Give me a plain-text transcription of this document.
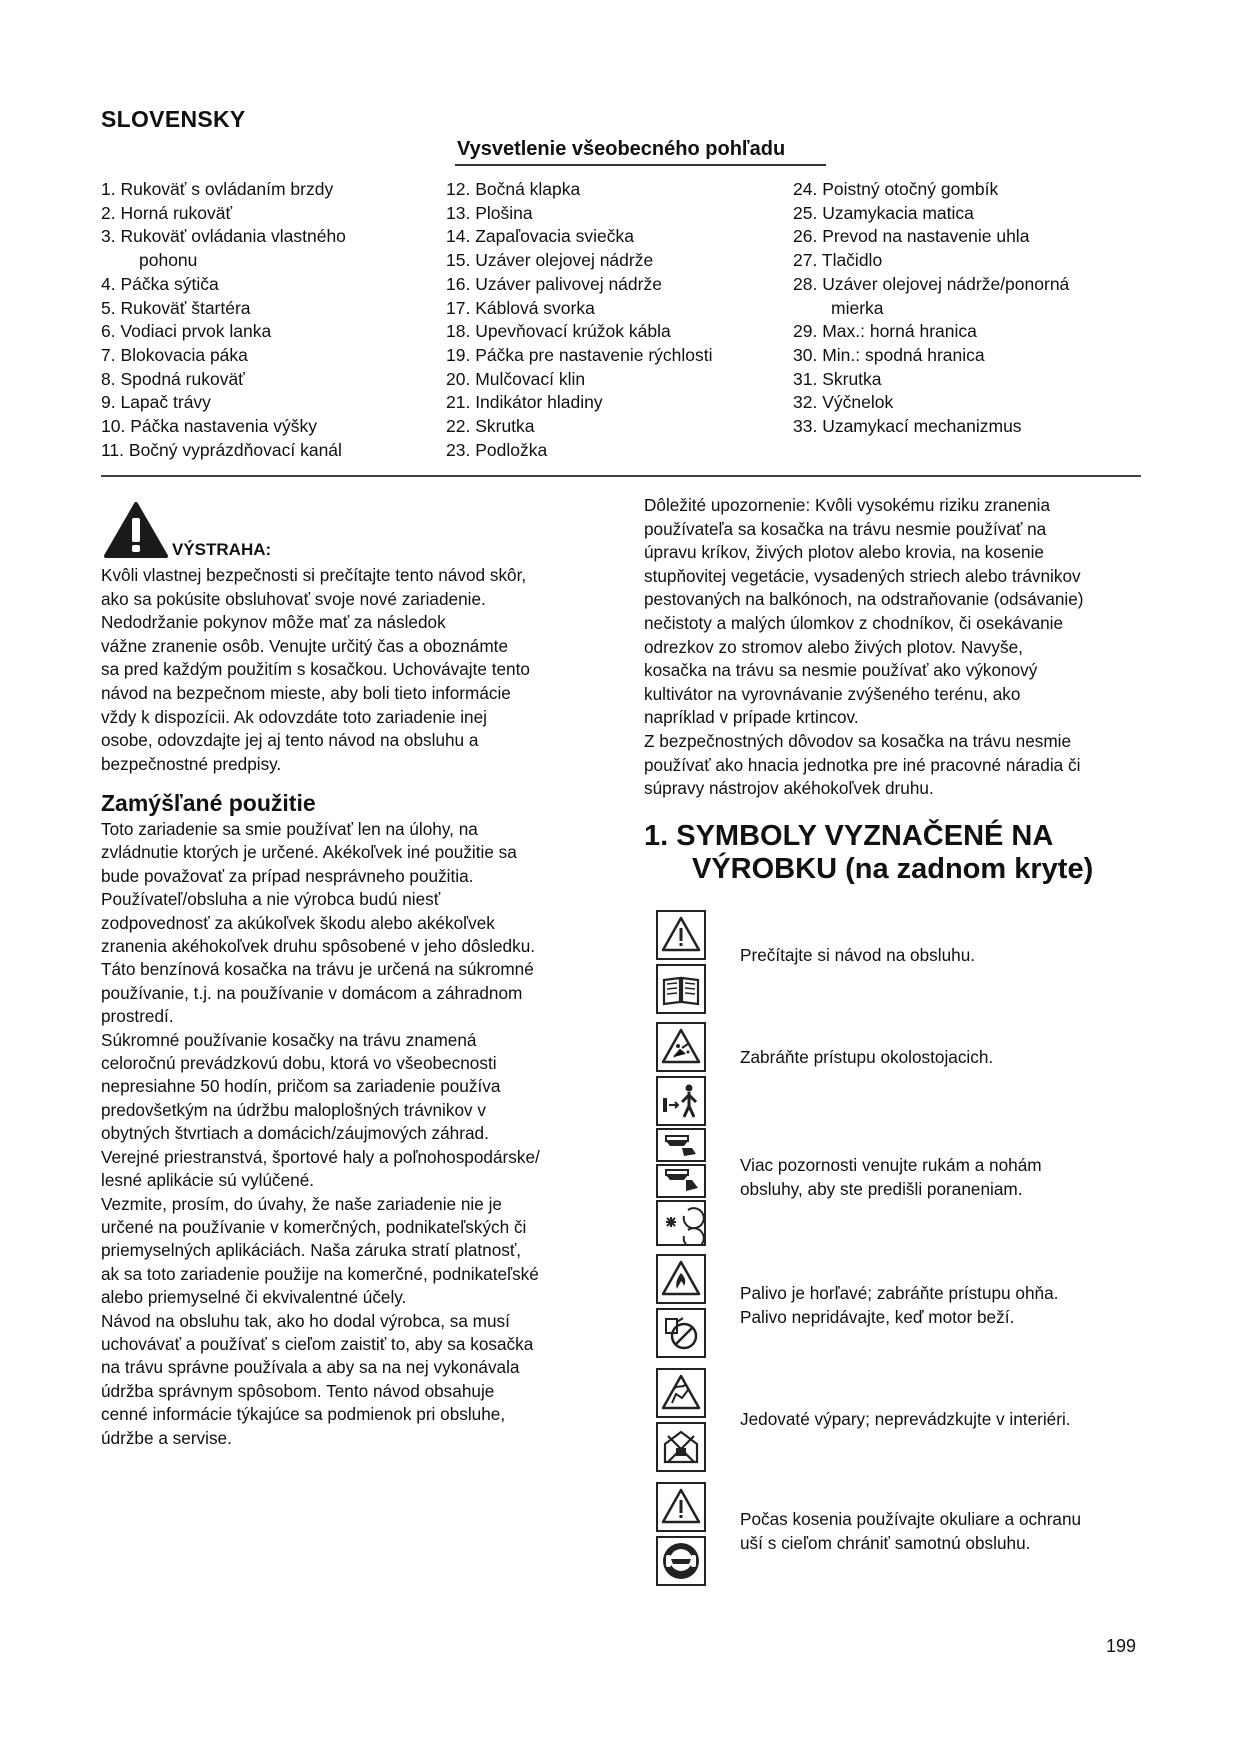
SLOVENSKY
Vysvetlenie všeobecného pohľadu
1. Rukoväť s ovládaním brzdy
2. Horná rukoväť
3. Rukoväť ovládania vlastného
pohonu
4. Páčka sýtiča
5. Rukoväť štartéra
6. Vodiaci prvok lanka
7. Blokovacia páka
8. Spodná rukoväť
9. Lapač trávy
10. Páčka nastavenia výšky
11. Bočný vyprázdňovací kanál
12. Bočná klapka
13. Plošina
14. Zapaľovacia sviečka
15. Uzáver olejovej nádrže
16. Uzáver palivovej nádrže
17. Káblová svorka
18. Upevňovací krúžok kábla
19. Páčka pre nastavenie rýchlosti
20. Mulčovací klin
21. Indikátor hladiny
22. Skrutka
23. Podložka
24. Poistný otočný gombík
25. Uzamykacia matica
26. Prevod na nastavenie uhla
27. Tlačidlo
28. Uzáver olejovej nádrže/ponorná
mierka
29. Max.: horná hranica
30. Min.: spodná hranica
31. Skrutka
32. Výčnelok
33. Uzamykací mechanizmus
VÝSTRAHA:

Kvôli vlastnej bezpečnosti si prečítajte tento návod skôr,

ako sa pokúsite obsluhovať svoje nové zariadenie.

Nedodržanie pokynov môže mať za následok

vážne zranenie osôb. Venujte určitý čas a oboznámte

sa pred každým použitím s kosačkou. Uchovávajte tento

návod na bezpečnom mieste, aby boli tieto informácie

vždy k dispozícii. Ak odovzdáte toto zariadenie inej

osobe, odovzdajte jej aj tento návod na obsluhu a

bezpečnostné predpisy.

Zamýšľané použitie

Toto zariadenie sa smie používať len na úlohy, na

zvládnutie ktorých je určené. Akékoľvek iné použitie sa

bude považovať za prípad nesprávneho použitia.

Používateľ/obsluha a nie výrobca budú niesť

zodpovednosť za akúkoľvek škodu alebo akékoľvek

zranenia akéhokoľvek druhu spôsobené v jeho dôsledku.

Táto benzínová kosačka na trávu je určená na súkromné

používanie, t.j. na používanie v domácom a záhradnom

prostredí.

Súkromné používanie kosačky na trávu znamená

celoročnú prevádzkovú dobu, ktorá vo všeobecnosti

nepresiahne 50 hodín, pričom sa zariadenie používa

predovšetkým na údržbu maloplošných trávnikov v

obytných štvrtiach a domácich/záujmových záhrad.

Verejné priestranstvá, športové haly a poľnohospodárske/

lesné aplikácie sú vylúčené.

Vezmite, prosím, do úvahy, že naše zariadenie nie je

určené na používanie v komerčných, podnikateľských či

priemyselných aplikáciách. Naša záruka stratí platnosť,

ak sa toto zariadenie použije na komerčné, podnikateľské

alebo priemyselné či ekvivalentné účely.

Návod na obsluhu tak, ako ho dodal výrobca, sa musí

uchovávať a používať s cieľom zaistiť to, aby sa kosačka

na trávu správne používala a aby sa na nej vykonávala

údržba správnym spôsobom. Tento návod obsahuje

cenné informácie týkajúce sa podmienok pri obsluhe,

údržbe a servise.

Dôležité upozornenie: Kvôli vysokému riziku zranenia

používateľa sa kosačka na trávu nesmie používať na

úpravu kríkov, živých plotov alebo krovia, na kosenie

stupňovitej vegetácie, vysadených striech alebo trávnikov

pestovaných na balkónoch, na odstraňovanie (odsávanie)

nečistoty a malých úlomkov z chodníkov, či osekávanie

odrezkov zo stromov alebo živých plotov. Navyše,

kosačka na trávu sa nesmie používať ako výkonový

kultivátor na vyrovnávanie zvýšeného terénu, ako

napríklad v prípade krtincov.

Z bezpečnostných dôvodov sa kosačka na trávu nesmie

používať ako hnacia jednotka pre iné pracovné náradia či

súpravy nástrojov akéhokoľvek druhu.

1. SYMBOLY VYZNAČENÉ NA
VÝROBKU (na zadnom kryte)
Prečítajte si návod na obsluhu.
Zabráňte prístupu okolostojacich.
Viac pozornosti venujte rukám a nohám
obsluhy, aby ste predišli poraneniam.
Palivo je horľavé; zabráňte prístupu ohňa.
Palivo nepridávajte, keď motor beží.
Jedovaté výpary; neprevádzkujte v interiéri.
Počas kosenia používajte okuliare a ochranu
uší s cieľom chrániť samotnú obsluhu.
199
